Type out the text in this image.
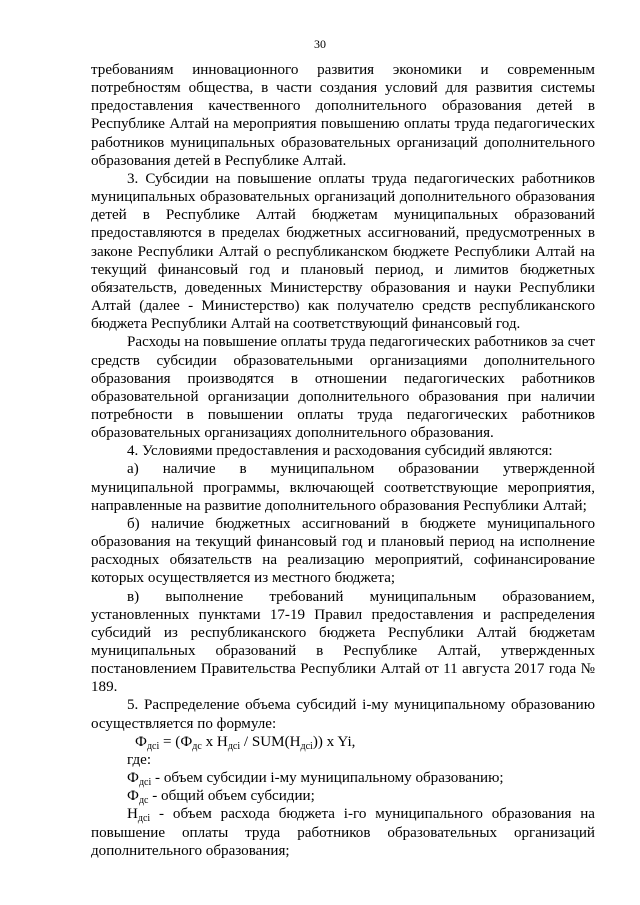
30

требованиям инновационного развития экономики и современным потребностям общества, в части создания условий для развития системы предоставления качественного дополнительного образования детей в Республике Алтай на мероприятия повышению оплаты труда педагогических работников муниципальных образовательных организаций дополнительного образования детей в Республике Алтай.

3. Субсидии на повышение оплаты труда педагогических работников муниципальных образовательных организаций дополнительного образования детей в Республике Алтай бюджетам муниципальных образований предоставляются в пределах бюджетных ассигнований, предусмотренных в законе Республики Алтай о республиканском бюджете Республики Алтай на текущий финансовый год и плановый период, и лимитов бюджетных обязательств, доведенных Министерству образования и науки Республики Алтай (далее - Министерство) как получателю средств республиканского бюджета Республики Алтай на соответствующий финансовый год.

Расходы на повышение оплаты труда педагогических работников за счет средств субсидии образовательными организациями дополнительного образования производятся в отношении педагогических работников образовательной организации дополнительного образования при наличии потребности в повышении оплаты труда педагогических работников образовательных организациях дополнительного образования.

4. Условиями предоставления и расходования субсидий являются:

а) наличие в муниципальном образовании утвержденной муниципальной программы, включающей соответствующие мероприятия, направленные на развитие дополнительного образования Республики Алтай;

б) наличие бюджетных ассигнований в бюджете муниципального образования на текущий финансовый год и плановый период на исполнение расходных обязательств на реализацию мероприятий, софинансирование которых осуществляется из местного бюджета;

в) выполнение требований муниципальным образованием, установленных пунктами 17-19 Правил предоставления и распределения субсидий из республиканского бюджета Республики Алтай бюджетам муниципальных образований в Республике Алтай, утвержденных постановлением Правительства Республики Алтай от 11 августа 2017 года № 189.

5. Распределение объема субсидий i-му муниципальному образованию осуществляется по формуле:

$Ф_{дсi} = (Ф_{дс}$ x $Н_{дсi} / SUM(Н_{дсi})$) x Yi,

где:

$Ф_{дсi}$ - объем субсидии i-му муниципальному образованию;

$Ф_{дс}$ - общий объем субсидии;

$Н_{дсi}$ - объем расхода бюджета i-го муниципального образования на повышение оплаты труда работников образовательных организаций дополнительного образования;
